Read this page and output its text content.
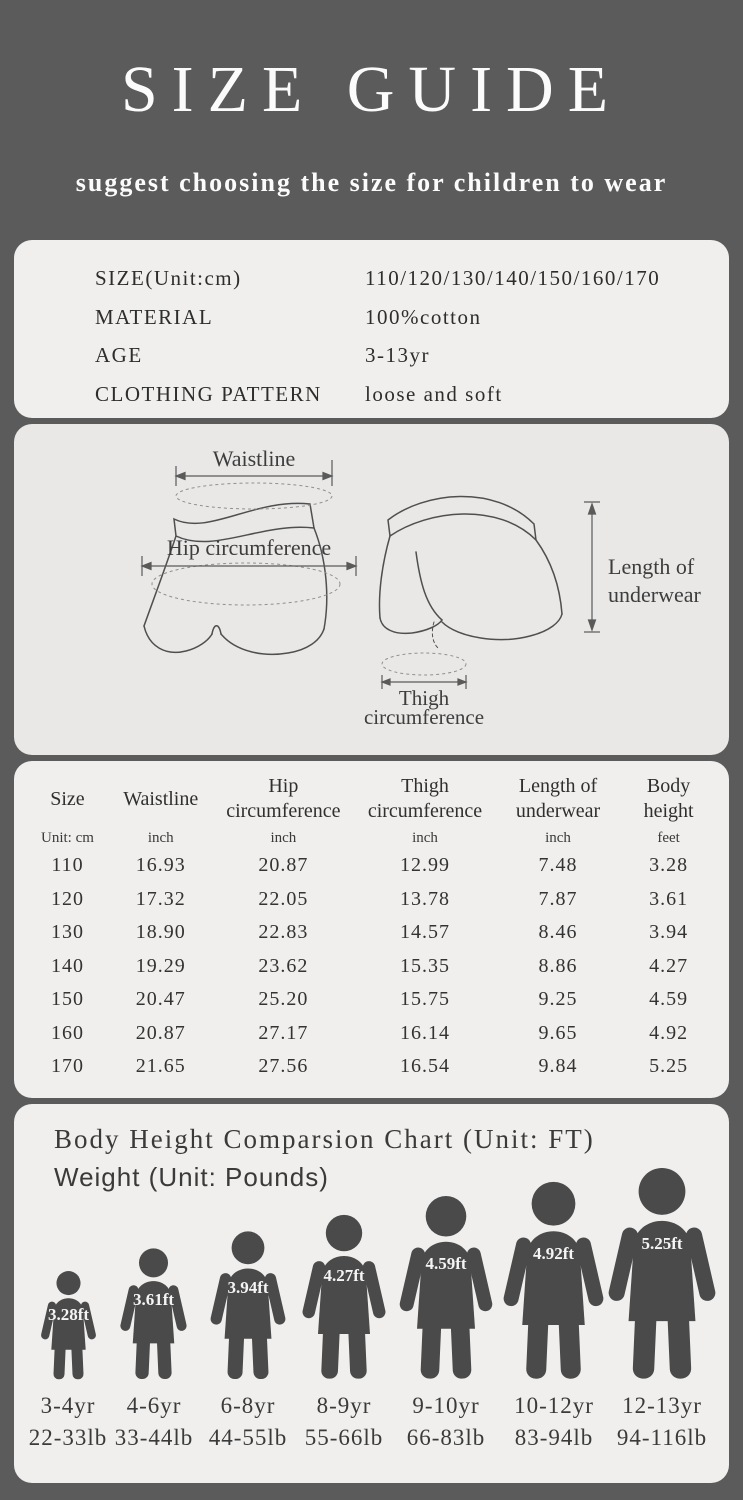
SIZE GUIDE
suggest choosing the size for children to wear
SIZE(Unit:cm)	110/120/130/140/150/160/170
MATERIAL	100%cotton
AGE	3-13yr
CLOTHING PATTERN	loose and soft
Waistline
Hip circumference
Length of
underwear
Thigh
circumference
Size	Waistline	Hip circumference	Thigh circumference	Length of underwear	Body height
Unit: cm	inch	inch	inch	inch	feet
110	16.93	20.87	12.99	7.48	3.28
120	17.32	22.05	13.78	7.87	3.61
130	18.90	22.83	14.57	8.46	3.94
140	19.29	23.62	15.35	8.86	4.27
150	20.47	25.20	15.75	9.25	4.59
160	20.87	27.17	16.14	9.65	4.92
170	21.65	27.56	16.54	9.84	5.25
Body Height Comparsion Chart (Unit: FT)
Weight (Unit: Pounds)
3.28ft
3.61ft
3.94ft
4.27ft
4.59ft
4.92ft
5.25ft
3-4yr
22-33lb
4-6yr
33-44lb
6-8yr
44-55lb
8-9yr
55-66lb
9-10yr
66-83lb
10-12yr
83-94lb
12-13yr
94-116lb
